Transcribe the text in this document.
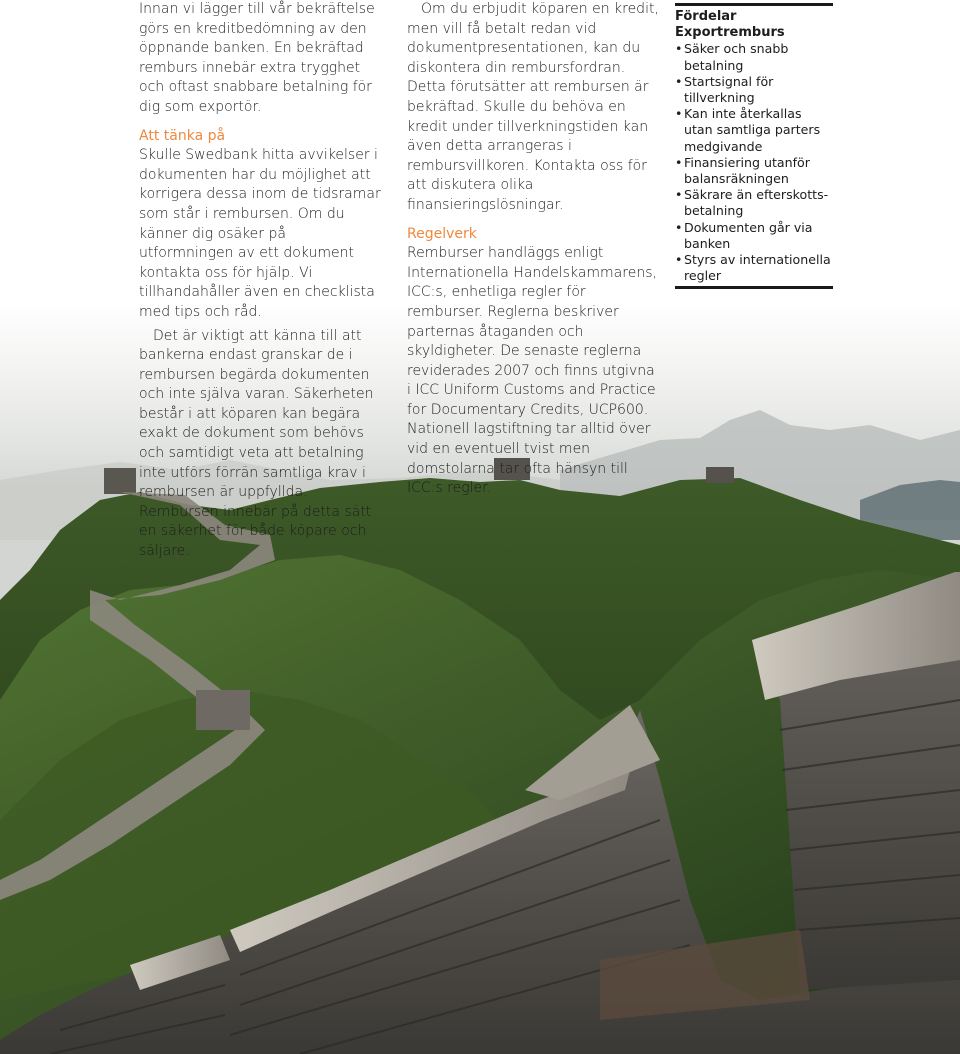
Innan vi lägger till vår bekräftelse görs en kreditbedömning av den öppnande banken. En bekräftad remburs innebär extra trygghet och oftast snabbare betalning för dig som exportör.

Att tänka på

Skulle Swedbank hitta avvikelser i dokumenten har du möjlighet att korrigera dessa inom de tidsramar som står i rembursen. Om du känner dig osäker på utformningen av ett dokument kontakta oss för hjälp. Vi tillhandahåller även en checklista med tips och råd.

Det är viktigt att känna till att bankerna endast granskar de i rembursen begärda dokumenten och inte själva varan. Säkerheten består i att köparen kan begära exakt de dokument som behövs och samtidigt veta att betalning inte utförs förrän samtliga krav i rembursen är uppfyllda. Rembursen innebär på detta sätt en säkerhet för både köpare och säljare.

Om du erbjudit köparen en kredit, men vill få betalt redan vid dokumentpresentationen, kan du diskontera din rembursfordran. Detta förutsätter att rembursen är bekräftad. Skulle du behöva en kredit under tillverkningstiden kan även detta arrangeras i rembursvillkoren. Kontakta oss för att diskutera olika finansieringslösningar.

Regelverk

Remburser handläggs enligt Internationella Handelskammarens, ICC:s, enhetliga regler för remburser. Reglerna beskriver parternas åtaganden och skyldigheter. De senaste reglerna reviderades 2007 och finns utgivna i ICC Uniform Customs and Practice for Documentary Credits, UCP600. Nationell lagstiftning tar alltid över vid en eventuell tvist men domstolarna tar ofta hänsyn till ICC:s regler.

Fördelar Exportremburs
• Säker och snabb betalning
• Startsignal för tillverkning
• Kan inte återkallas utan samtliga parters medgivande
• Finansiering utanför balansräkningen
• Säkrare än efterskotts-betalning
• Dokumenten går via banken
• Styrs av internationella regler
